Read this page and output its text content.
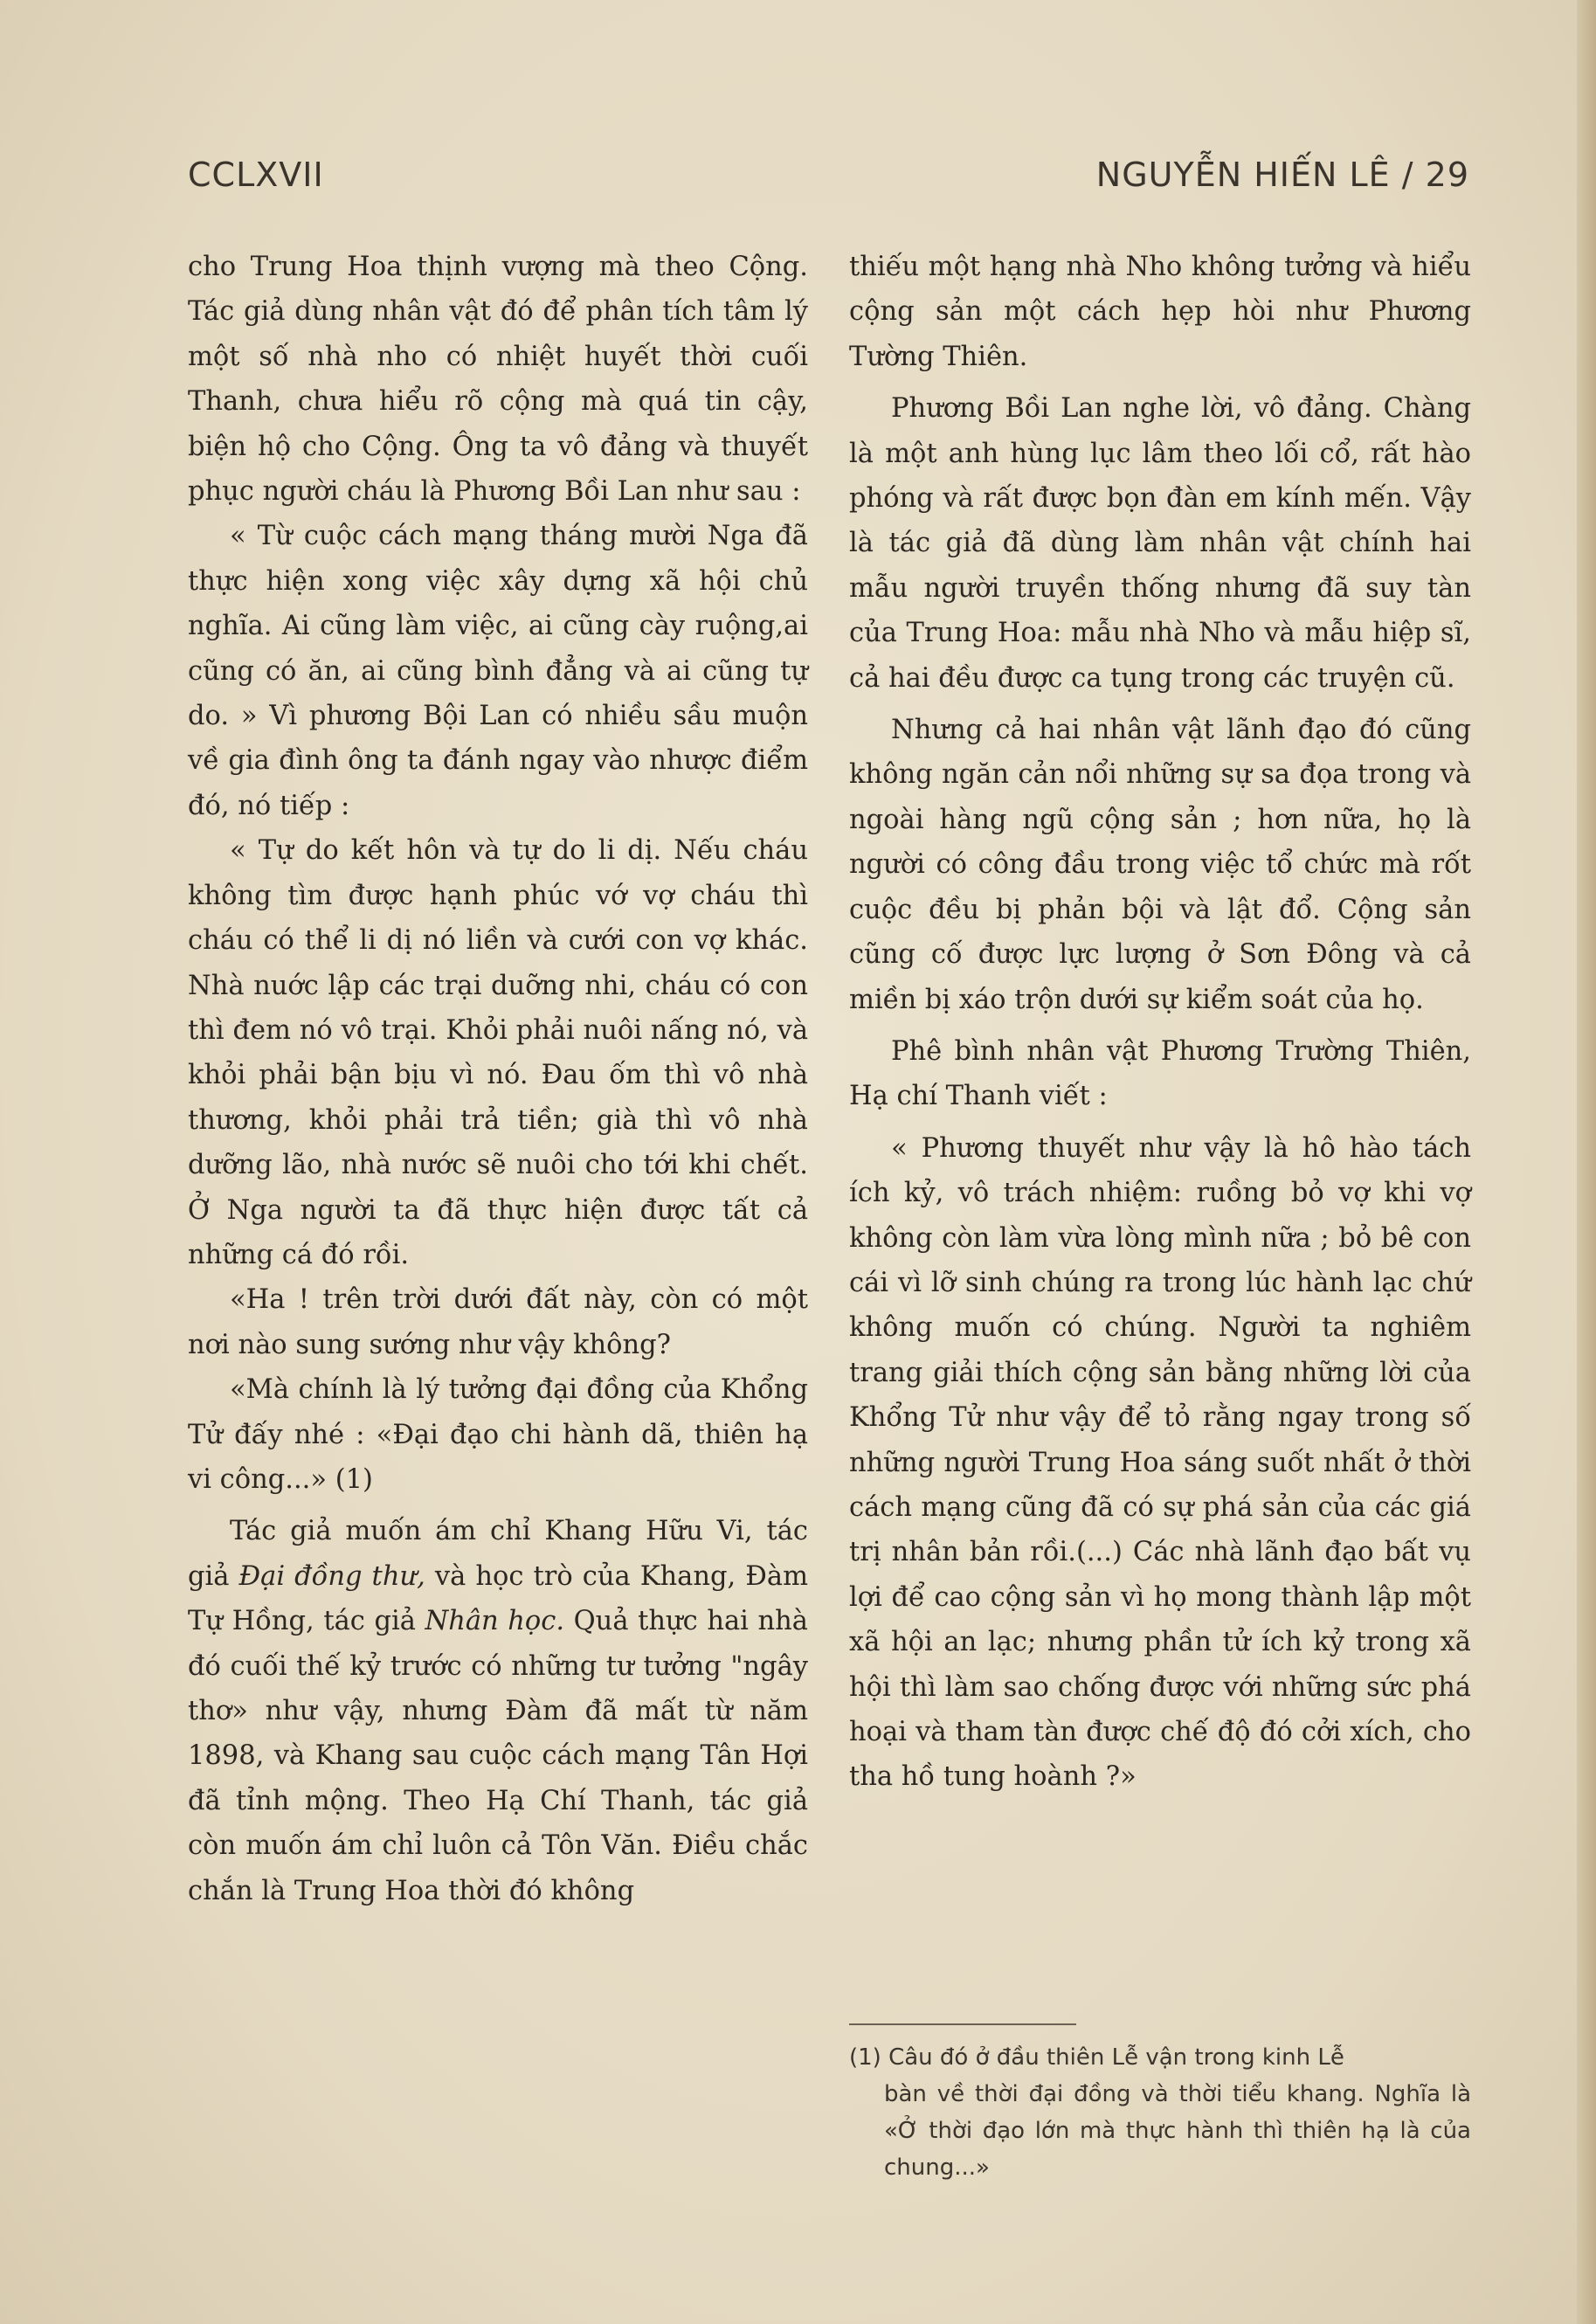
CCLXVII	NGUYỄN HIẾN LÊ / 29

cho Trung Hoa thịnh vượng mà theo Cộng. Tác giả dùng nhân vật đó để phân tích tâm lý một số nhà nho có nhiệt huyết thời cuối Thanh, chưa hiểu rõ cộng mà quá tin cậy, biện hộ cho Cộng. Ông ta vô đảng và thuyết phục người cháu là Phương Bồi Lan như sau :

« Từ cuộc cách mạng tháng mười Nga đã thực hiện xong việc xây dựng xã hội chủ nghĩa. Ai cũng làm việc, ai cũng cày ruộng,ai cũng có ăn, ai cũng bình đẳng và ai cũng tự do. » Vì phương Bội Lan có nhiều sầu muộn về gia đình ông ta đánh ngay vào nhược điểm đó, nó tiếp :

« Tự do kết hôn và tự do li dị. Nếu cháu không tìm được hạnh phúc vớ vợ cháu thì cháu có thể li dị nó liền và cưới con vợ khác. Nhà nuớc lập các trại duỡng nhi, cháu có con thì đem nó vô trại. Khỏi phải nuôi nấng nó, và khỏi phải bận bịu vì nó. Đau ốm thì vô nhà thương, khỏi phải trả tiền; già thì vô nhà dưỡng lão, nhà nước sẽ nuôi cho tới khi chết. Ở Nga người ta đã thực hiện được tất cả những cá đó rồi.

«Ha ! trên trời dưới đất này, còn có một nơi nào sung sướng như vậy không?

«Mà chính là lý tưởng đại đồng của Khổng Tử đấy nhé : «Đại đạo chi hành dã, thiên hạ vi công...» (1)

Tác giả muốn ám chỉ Khang Hữu Vi, tác giả Đại đồng thư, và học trò của Khang, Đàm Tự Hồng, tác giả Nhân học. Quả thực hai nhà đó cuối thế kỷ trước có những tư tưởng "ngây thơ» như vậy, nhưng Đàm đã mất từ năm 1898, và Khang sau cuộc cách mạng Tân Hợi đã tỉnh mộng. Theo Hạ Chí Thanh, tác giả còn muốn ám chỉ luôn cả Tôn Văn. Điều chắc chắn là Trung Hoa thời đó không

thiếu một hạng nhà Nho không tưởng và hiểu cộng sản một cách hẹp hòi như Phương Tường Thiên.

Phương Bồi Lan nghe lời, vô đảng. Chàng là một anh hùng lục lâm theo lối cổ, rất hào phóng và rất được bọn đàn em kính mến. Vậy là tác giả đã dùng làm nhân vật chính hai mẫu người truyền thống nhưng đã suy tàn của Trung Hoa: mẫu nhà Nho và mẫu hiệp sĩ, cả hai đều được ca tụng trong các truyện cũ.

Nhưng cả hai nhân vật lãnh đạo đó cũng không ngăn cản nổi những sự sa đọa trong và ngoài hàng ngũ cộng sản ; hơn nữa, họ là người có công đầu trong việc tổ chức mà rốt cuộc đều bị phản bội và lật đổ. Cộng sản cũng cố được lực lượng ở Sơn Đông và cả miền bị xáo trộn dưới sự kiểm soát của họ.

Phê bình nhân vật Phương Trường Thiên, Hạ chí Thanh viết :

« Phương thuyết như vậy là hô hào tách ích kỷ, vô trách nhiệm: ruồng bỏ vợ khi vợ không còn làm vừa lòng mình nữa ; bỏ bê con cái vì lỡ sinh chúng ra trong lúc hành lạc chứ không muốn có chúng. Người ta nghiêm trang giải thích cộng sản bằng những lời của Khổng Tử như vậy để tỏ rằng ngay trong số những người Trung Hoa sáng suốt nhất ở thời cách mạng cũng đã có sự phá sản của các giá trị nhân bản rồi.(...) Các nhà lãnh đạo bất vụ lợi để cao cộng sản vì họ mong thành lập một xã hội an lạc; nhưng phần tử ích kỷ trong xã hội thì làm sao chống được với những sức phá hoại và tham tàn được chế độ đó cởi xích, cho tha hồ tung hoành ?»

(1) Câu đó ở đầu thiên Lễ vận trong kinh Lễ
bàn về thời đại đồng và thời tiểu khang. Nghĩa là «Ở thời đạo lớn mà thực hành thì thiên hạ là của chung...»
